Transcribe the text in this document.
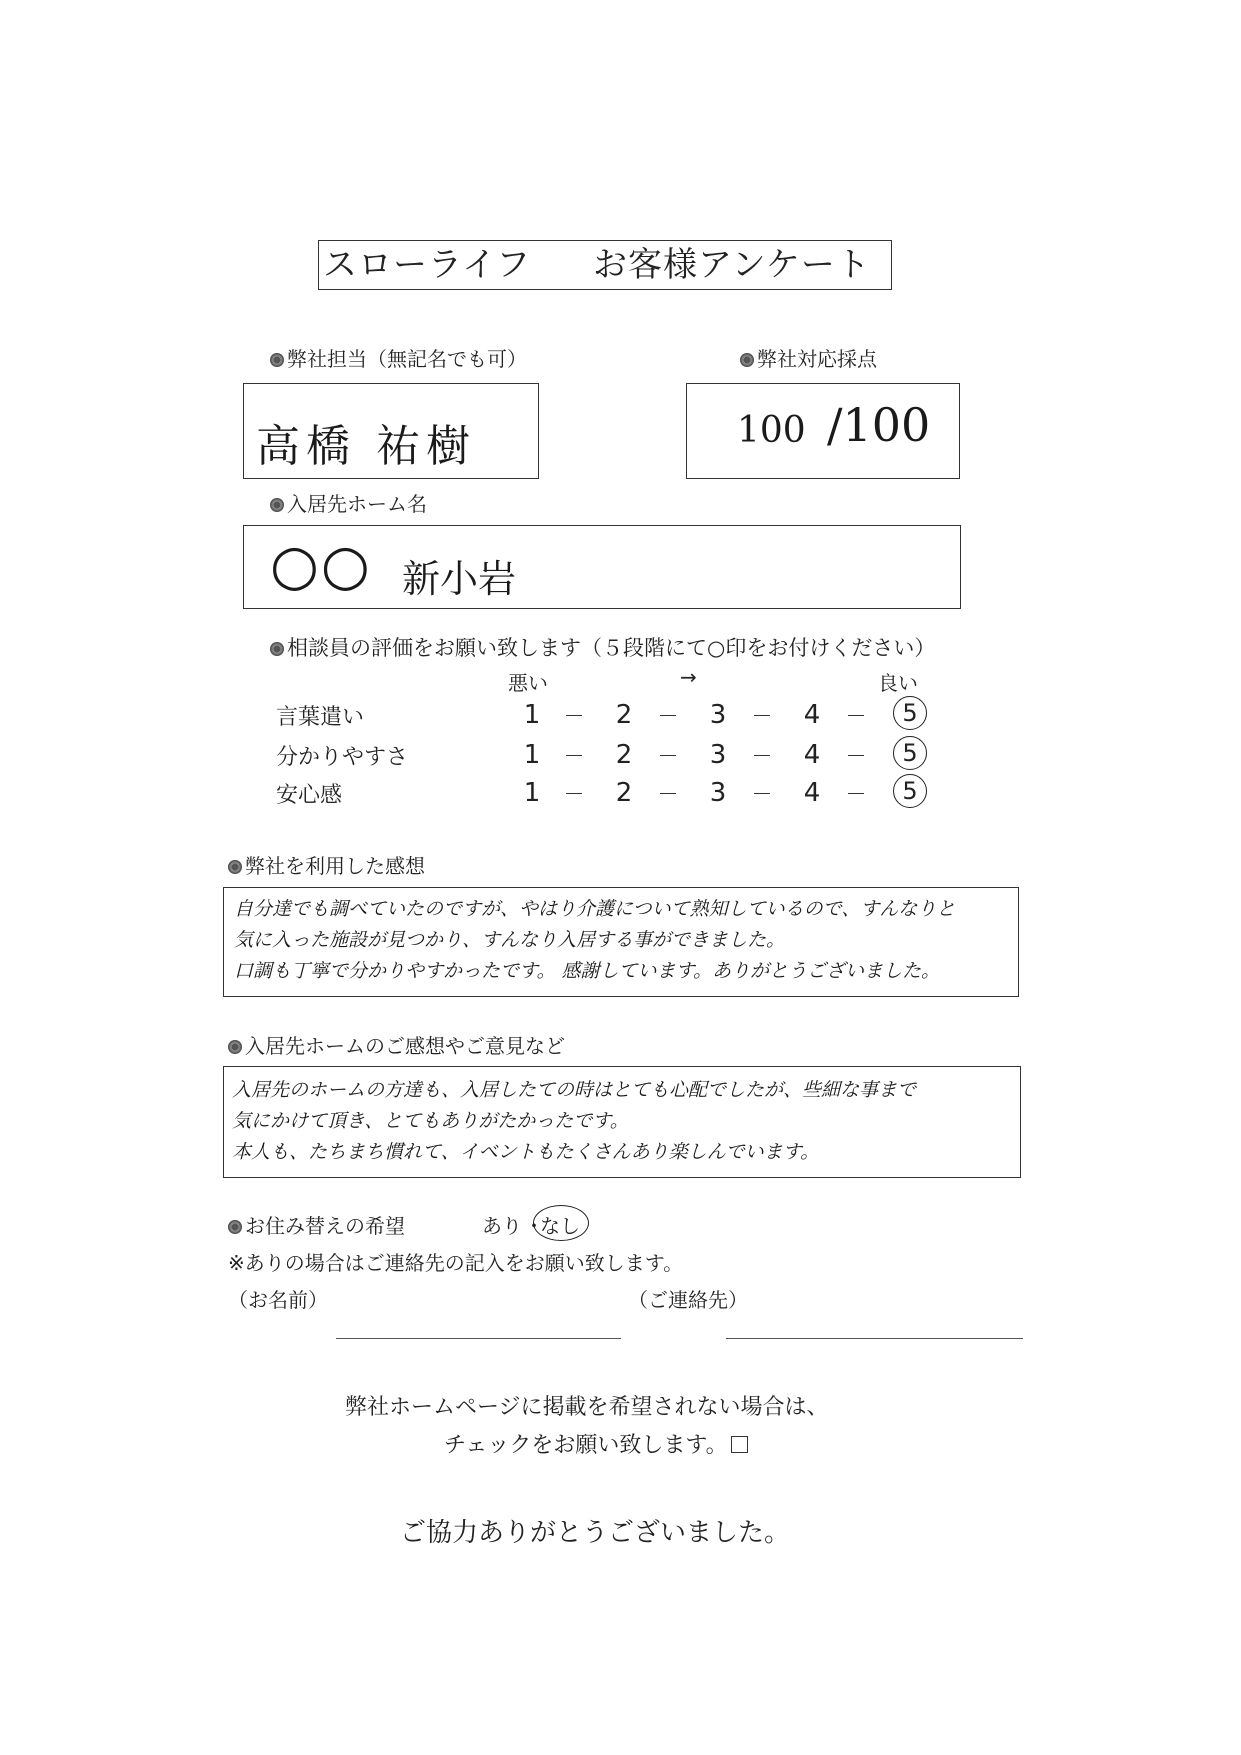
スローライフ お客様アンケート
弊社担当（無記名でも可）
高橋 祐樹
弊社対応採点
100 /100
入居先ホーム名
○○ 新小岩
相談員の評価をお願い致します（５段階にて○印をお付けください）
悪い	→	良い
言葉遣い	1	2	3	4	5
分かりやすさ	1	2	3	4	5
安心感	1	2	3	4	5
弊社を利用した感想
自分達でも調べていたのですが、やはり介護について熟知しているので、すんなりと
気に入った施設が見つかり、すんなり入居する事ができました。
口調も丁寧で分かりやすかったです。 感謝しています。ありがとうございました。
入居先ホームのご感想やご意見など
入居先のホームの方達も、入居したての時はとても心配でしたが、些細な事まで
気にかけて頂き、とてもありがたかったです。
本人も、たちまち慣れて、イベントもたくさんあり楽しんでいます。
お住み替えの希望	あり ・
なし
※ありの場合はご連絡先の記入をお願い致します。
（お名前）	（ご連絡先）
弊社ホームページに掲載を希望されない場合は、
チェックをお願い致します。
ご協力ありがとうございました。
